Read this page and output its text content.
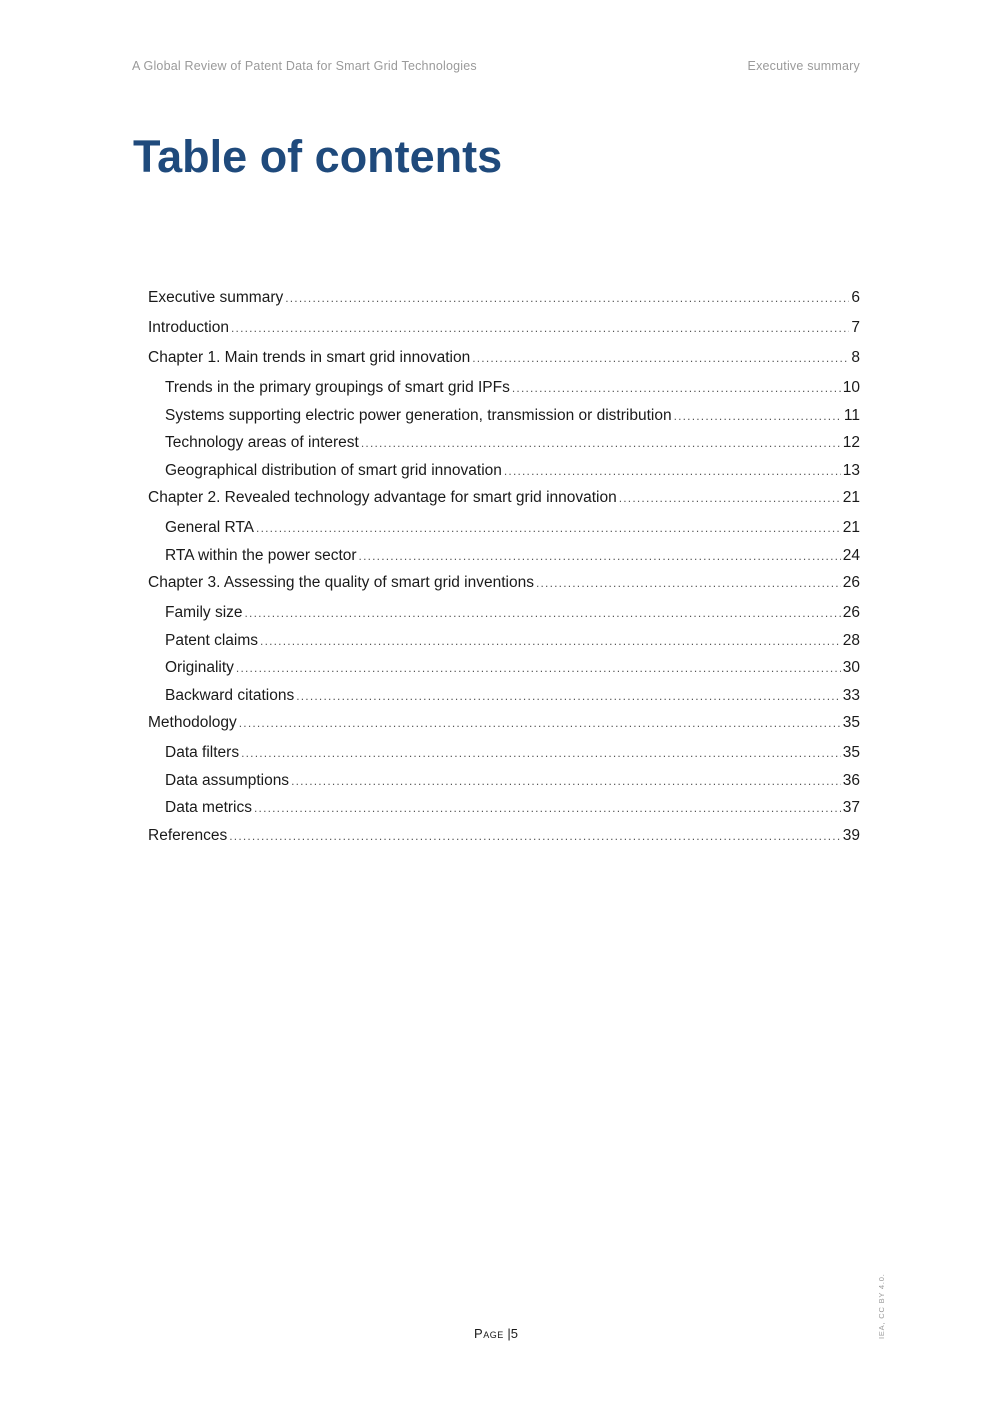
A Global Review of Patent Data for Smart Grid Technologies	Executive summary
Table of contents
Executive summary .....	6
Introduction .....	7
Chapter 1. Main trends in smart grid innovation .....	8
Trends in the primary groupings of smart grid IPFs .....	10
Systems supporting electric power generation, transmission or distribution .....	11
Technology areas of interest .....	12
Geographical distribution of smart grid innovation .....	13
Chapter 2. Revealed technology advantage for smart grid innovation .....	21
General RTA .....	21
RTA within the power sector .....	24
Chapter 3. Assessing the quality of smart grid inventions .....	26
Family size .....	26
Patent claims .....	28
Originality .....	30
Backward citations .....	33
Methodology .....	35
Data filters .....	35
Data assumptions .....	36
Data metrics .....	37
References .....	39
Page |5	IEA, CC BY 4.0.
